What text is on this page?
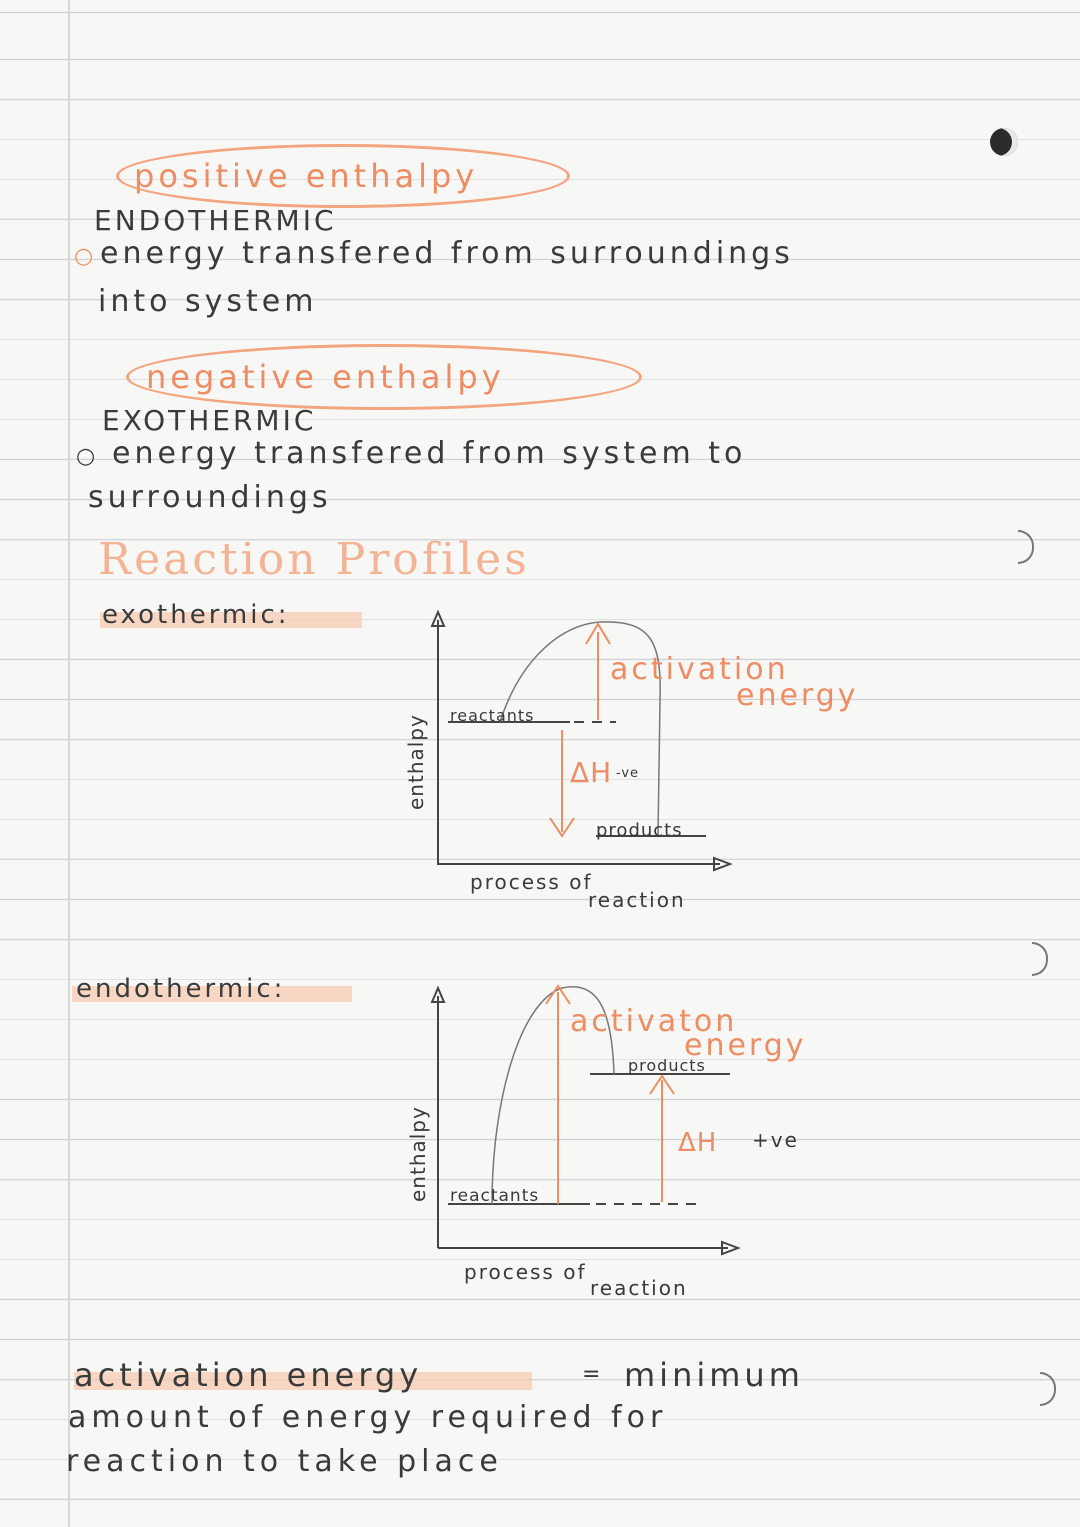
positive enthalpy
ENDOTHERMIC
○ energy transfered from surroundings
into system
negative enthalpy
EXOTHERMIC
○ energy transfered from system to
surroundings
Reaction Profiles
exothermic:
enthalpy reactants
products
activation
energy
ΔH -ve
process of
reaction
endothermic:
enthalpy reactants
products
activaton
energy
ΔH +ve
process of
reaction
activation energy	= minimum
amount of energy required for
reaction to take place
